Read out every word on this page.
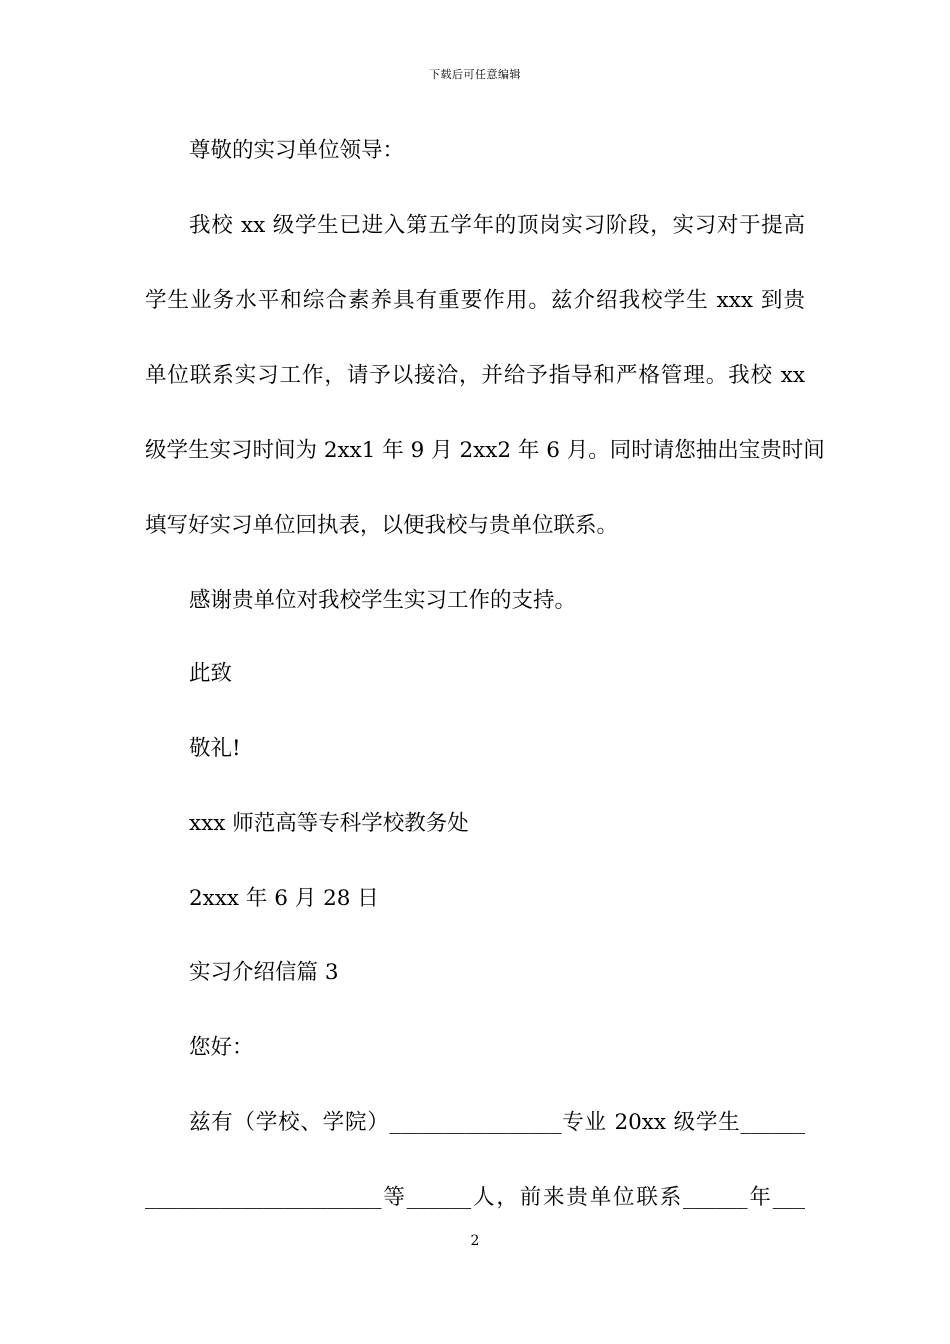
下载后可任意编辑
尊敬的实习单位领导：
我校 xx 级学生已进入第五学年的顶岗实习阶段，实习对于提高
学生业务水平和综合素养具有重要作用。兹介绍我校学生 xxx 到贵
单位联系实习工作，请予以接洽，并给予指导和严格管理。我校 xx
级学生实习时间为 2xx1 年 9 月 2xx2 年 6 月。同时请您抽出宝贵时间
填写好实习单位回执表，以便我校与贵单位联系。
感谢贵单位对我校学生实习工作的支持。
此致
敬礼!
xxx 师范高等专科学校教务处
2xxx 年 6 月 28 日
实习介绍信篇 3
您好：
兹有（学校、学院）________________专业 20xx 级学生______
______________________等______人，前来贵单位联系______年___
2
